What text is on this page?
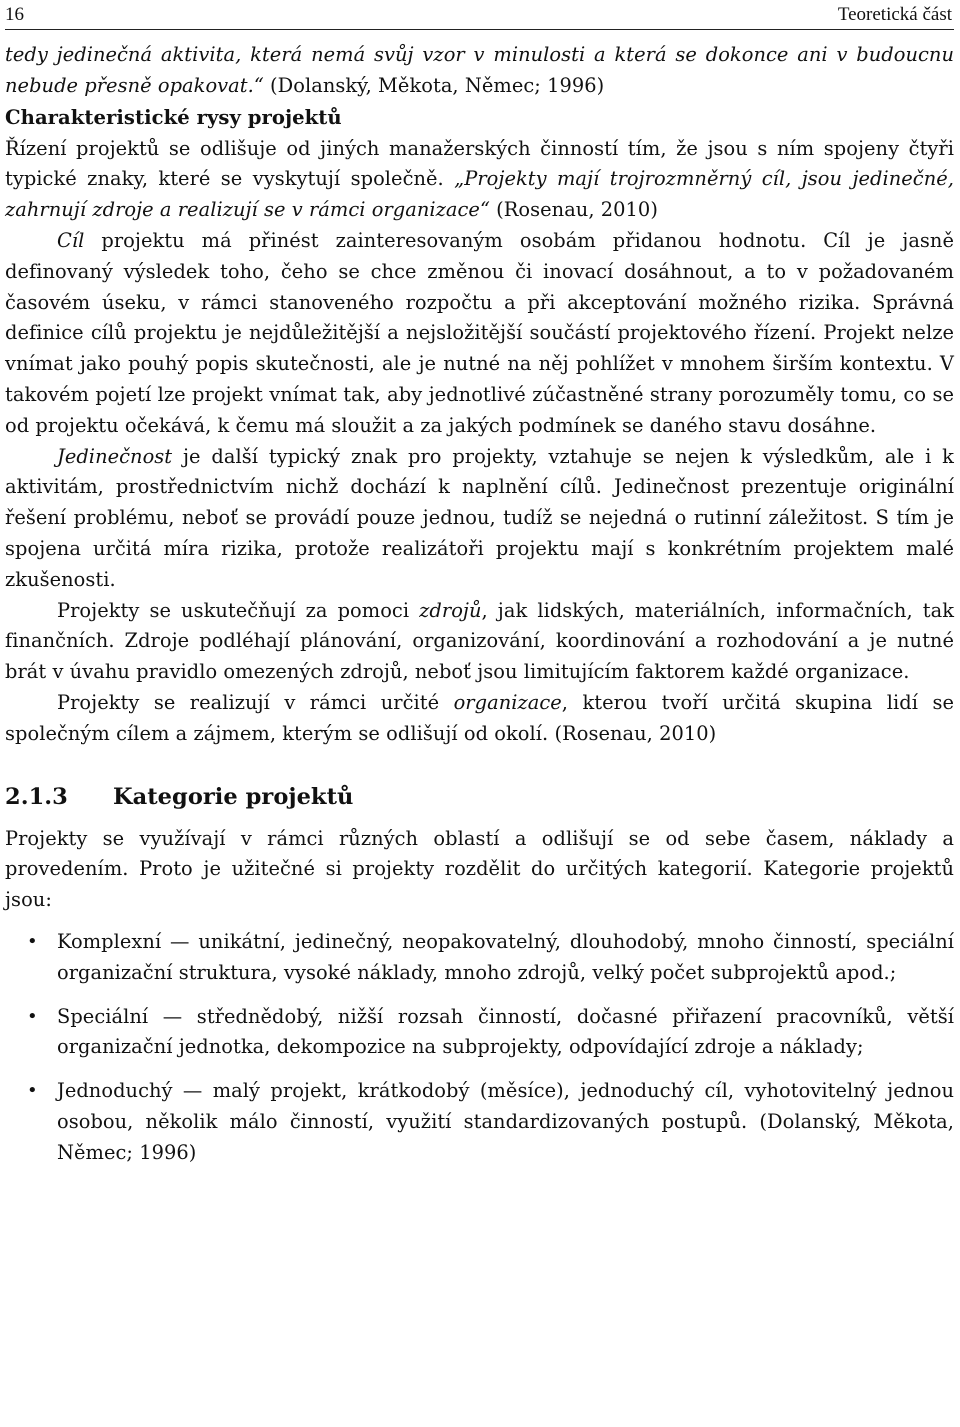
16	Teoretická část

tedy jedinečná aktivita, která nemá svůj vzor v minulosti a která se dokonce ani v budoucnu nebude přesně opakovat.“ (Dolanský, Měkota, Němec; 1996)

Charakteristické rysy projektů

Řízení projektů se odlišuje od jiných manažerských činností tím, že jsou s ním spojeny čtyři typické znaky, které se vyskytují společně. „Projekty mají trojrozmněrný cíl, jsou jedinečné, zahrnují zdroje a realizují se v rámci organizace“ (Rosenau, 2010)

Cíl projektu má přinést zainteresovaným osobám přidanou hodnotu. Cíl je jasně definovaný výsledek toho, čeho se chce změnou či inovací dosáhnout, a to v požadovaném časovém úseku, v rámci stanoveného rozpočtu a při akceptování možného rizika. Správná definice cílů projektu je nejdůležitější a nejsložitější součástí projektového řízení. Projekt nelze vnímat jako pouhý popis skutečnosti, ale je nutné na něj pohlížet v mnohem širším kontextu. V takovém pojetí lze projekt vnímat tak, aby jednotlivé zúčastněné strany porozuměly tomu, co se od projektu očekává, k čemu má sloužit a za jakých podmínek se daného stavu dosáhne.

Jedinečnost je další typický znak pro projekty, vztahuje se nejen k výsledkům, ale i k aktivitám, prostřednictvím nichž dochází k naplnění cílů. Jedinečnost prezentuje originální řešení problému, neboť se provádí pouze jednou, tudíž se nejedná o rutinní záležitost. S tím je spojena určitá míra rizika, protože realizátoři projektu mají s konkrétním projektem malé zkušenosti.

Projekty se uskutečňují za pomoci zdrojů, jak lidských, materiálních, informačních, tak finančních. Zdroje podléhají plánování, organizování, koordinování a rozhodování a je nutné brát v úvahu pravidlo omezených zdrojů, neboť jsou limitujícím faktorem každé organizace.

Projekty se realizují v rámci určité organizace, kterou tvoří určitá skupina lidí se společným cílem a zájmem, kterým se odlišují od okolí. (Rosenau, 2010)

2.1.3	Kategorie projektů

Projekty se využívají v rámci různých oblastí a odlišují se od sebe časem, náklady a provedením. Proto je užitečné si projekty rozdělit do určitých kategorií. Kategorie projektů jsou:

• Komplexní — unikátní, jedinečný, neopakovatelný, dlouhodobý, mnoho činností, speciální organizační struktura, vysoké náklady, mnoho zdrojů, velký počet subprojektů apod.;
• Speciální — střednědobý, nižší rozsah činností, dočasné přiřazení pracovníků, větší organizační jednotka, dekompozice na subprojekty, odpovídající zdroje a náklady;
• Jednoduchý — malý projekt, krátkodobý (měsíce), jednoduchý cíl, vyhotovitelný jednou osobou, několik málo činností, využití standardizovaných postupů. (Dolanský, Měkota, Němec; 1996)
